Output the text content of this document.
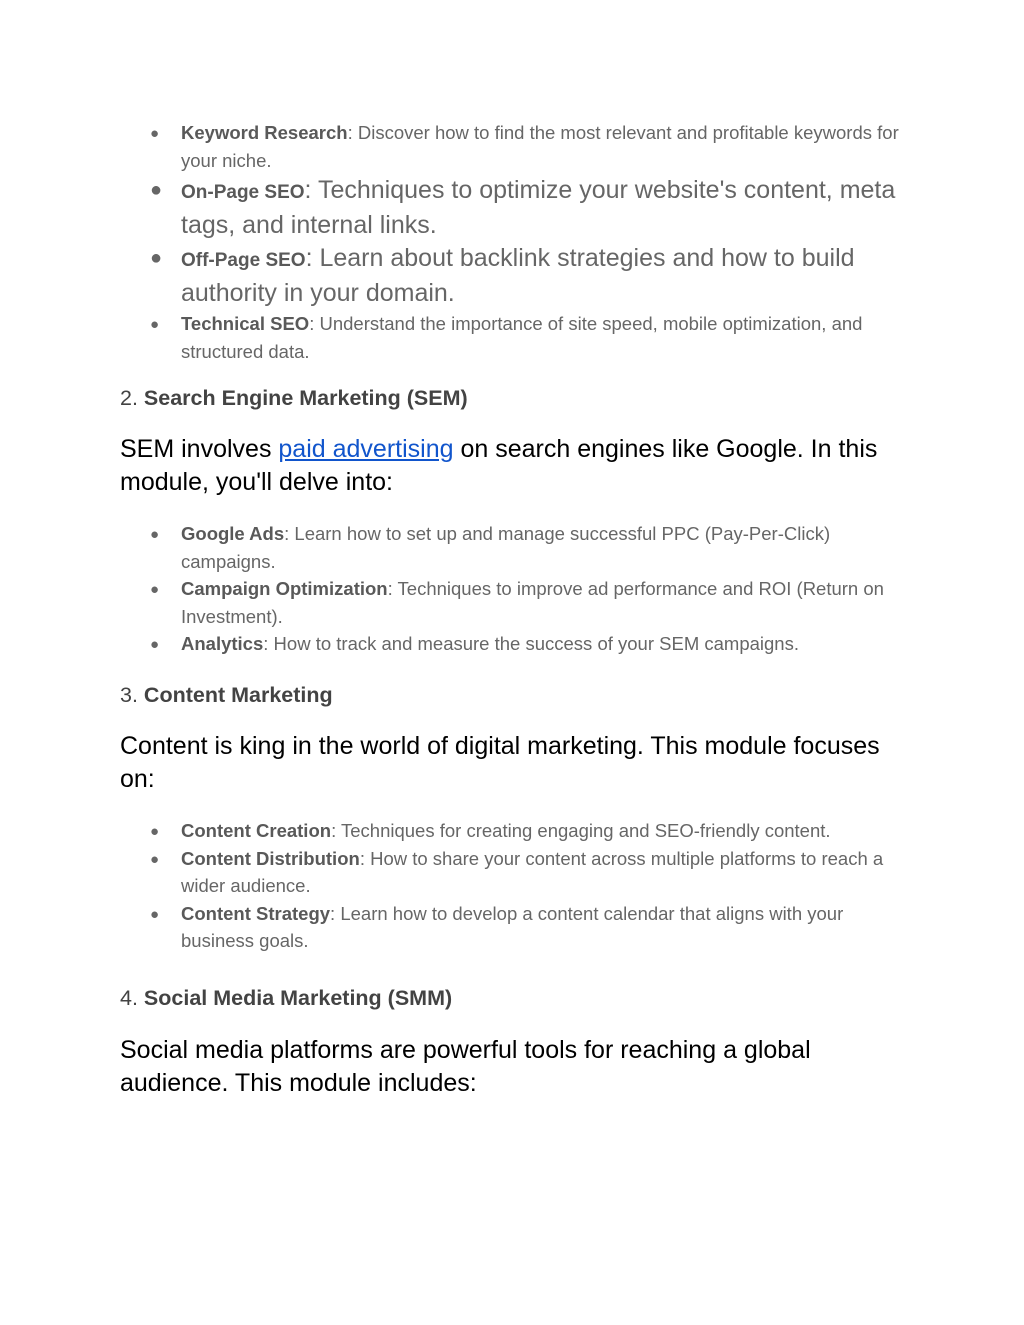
● Keyword Research: Discover how to find the most relevant and profitable keywords for your niche.
● On-Page SEO: Techniques to optimize your website's content, meta tags, and internal links.
● Off-Page SEO: Learn about backlink strategies and how to build authority in your domain.
● Technical SEO: Understand the importance of site speed, mobile optimization, and structured data.

2. Search Engine Marketing (SEM)

SEM involves paid advertising on search engines like Google. In this module, you'll delve into:

● Google Ads: Learn how to set up and manage successful PPC (Pay-Per-Click) campaigns.
● Campaign Optimization: Techniques to improve ad performance and ROI (Return on Investment).
● Analytics: How to track and measure the success of your SEM campaigns.

3. Content Marketing

Content is king in the world of digital marketing. This module focuses on:

● Content Creation: Techniques for creating engaging and SEO-friendly content.
● Content Distribution: How to share your content across multiple platforms to reach a wider audience.
● Content Strategy: Learn how to develop a content calendar that aligns with your business goals.

4. Social Media Marketing (SMM)

Social media platforms are powerful tools for reaching a global audience. This module includes:
